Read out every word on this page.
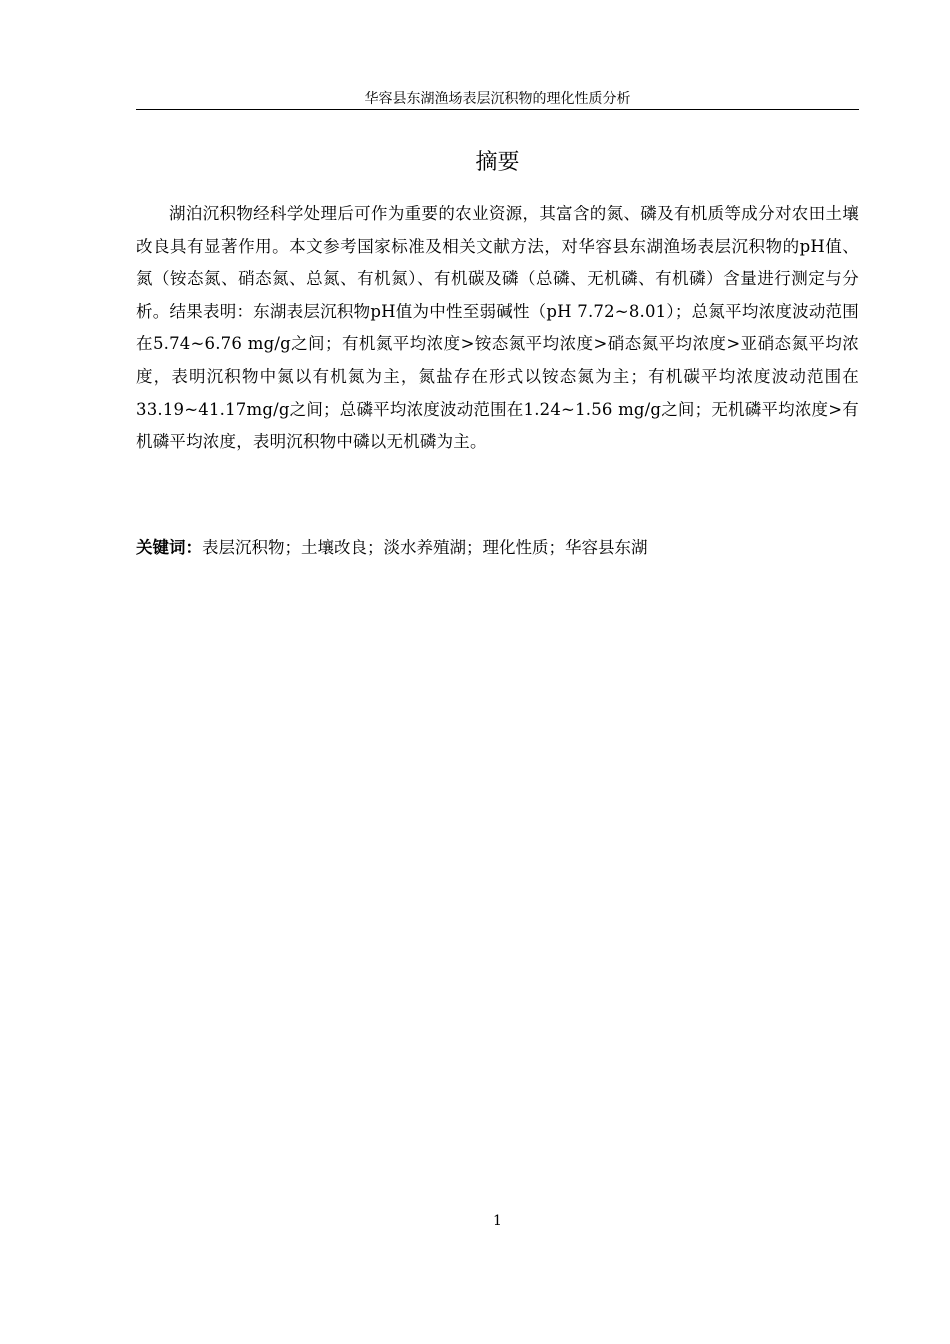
华容县东湖渔场表层沉积物的理化性质分析
摘要

湖泊沉积物经科学处理后可作为重要的农业资源，其富含的氮、磷及有机质等成分对农田土壤改良具有显著作用。本文参考国家标准及相关文献方法，对华容县东湖渔场表层沉积物的pH值、氮（铵态氮、硝态氮、总氮、有机氮）、有机碳及磷（总磷、无机磷、有机磷）含量进行测定与分析。结果表明：东湖表层沉积物pH值为中性至弱碱性（pH 7.72~8.01）；总氮平均浓度波动范围在5.74~6.76 mg/g之间；有机氮平均浓度>铵态氮平均浓度>硝态氮平均浓度>亚硝态氮平均浓度，表明沉积物中氮以有机氮为主，氮盐存在形式以铵态氮为主；有机碳平均浓度波动范围在33.19~41.17mg/g之间；总磷平均浓度波动范围在1.24~1.56 mg/g之间；无机磷平均浓度>有机磷平均浓度，表明沉积物中磷以无机磷为主。

关键词：表层沉积物；土壤改良；淡水养殖湖；理化性质；华容县东湖
1
